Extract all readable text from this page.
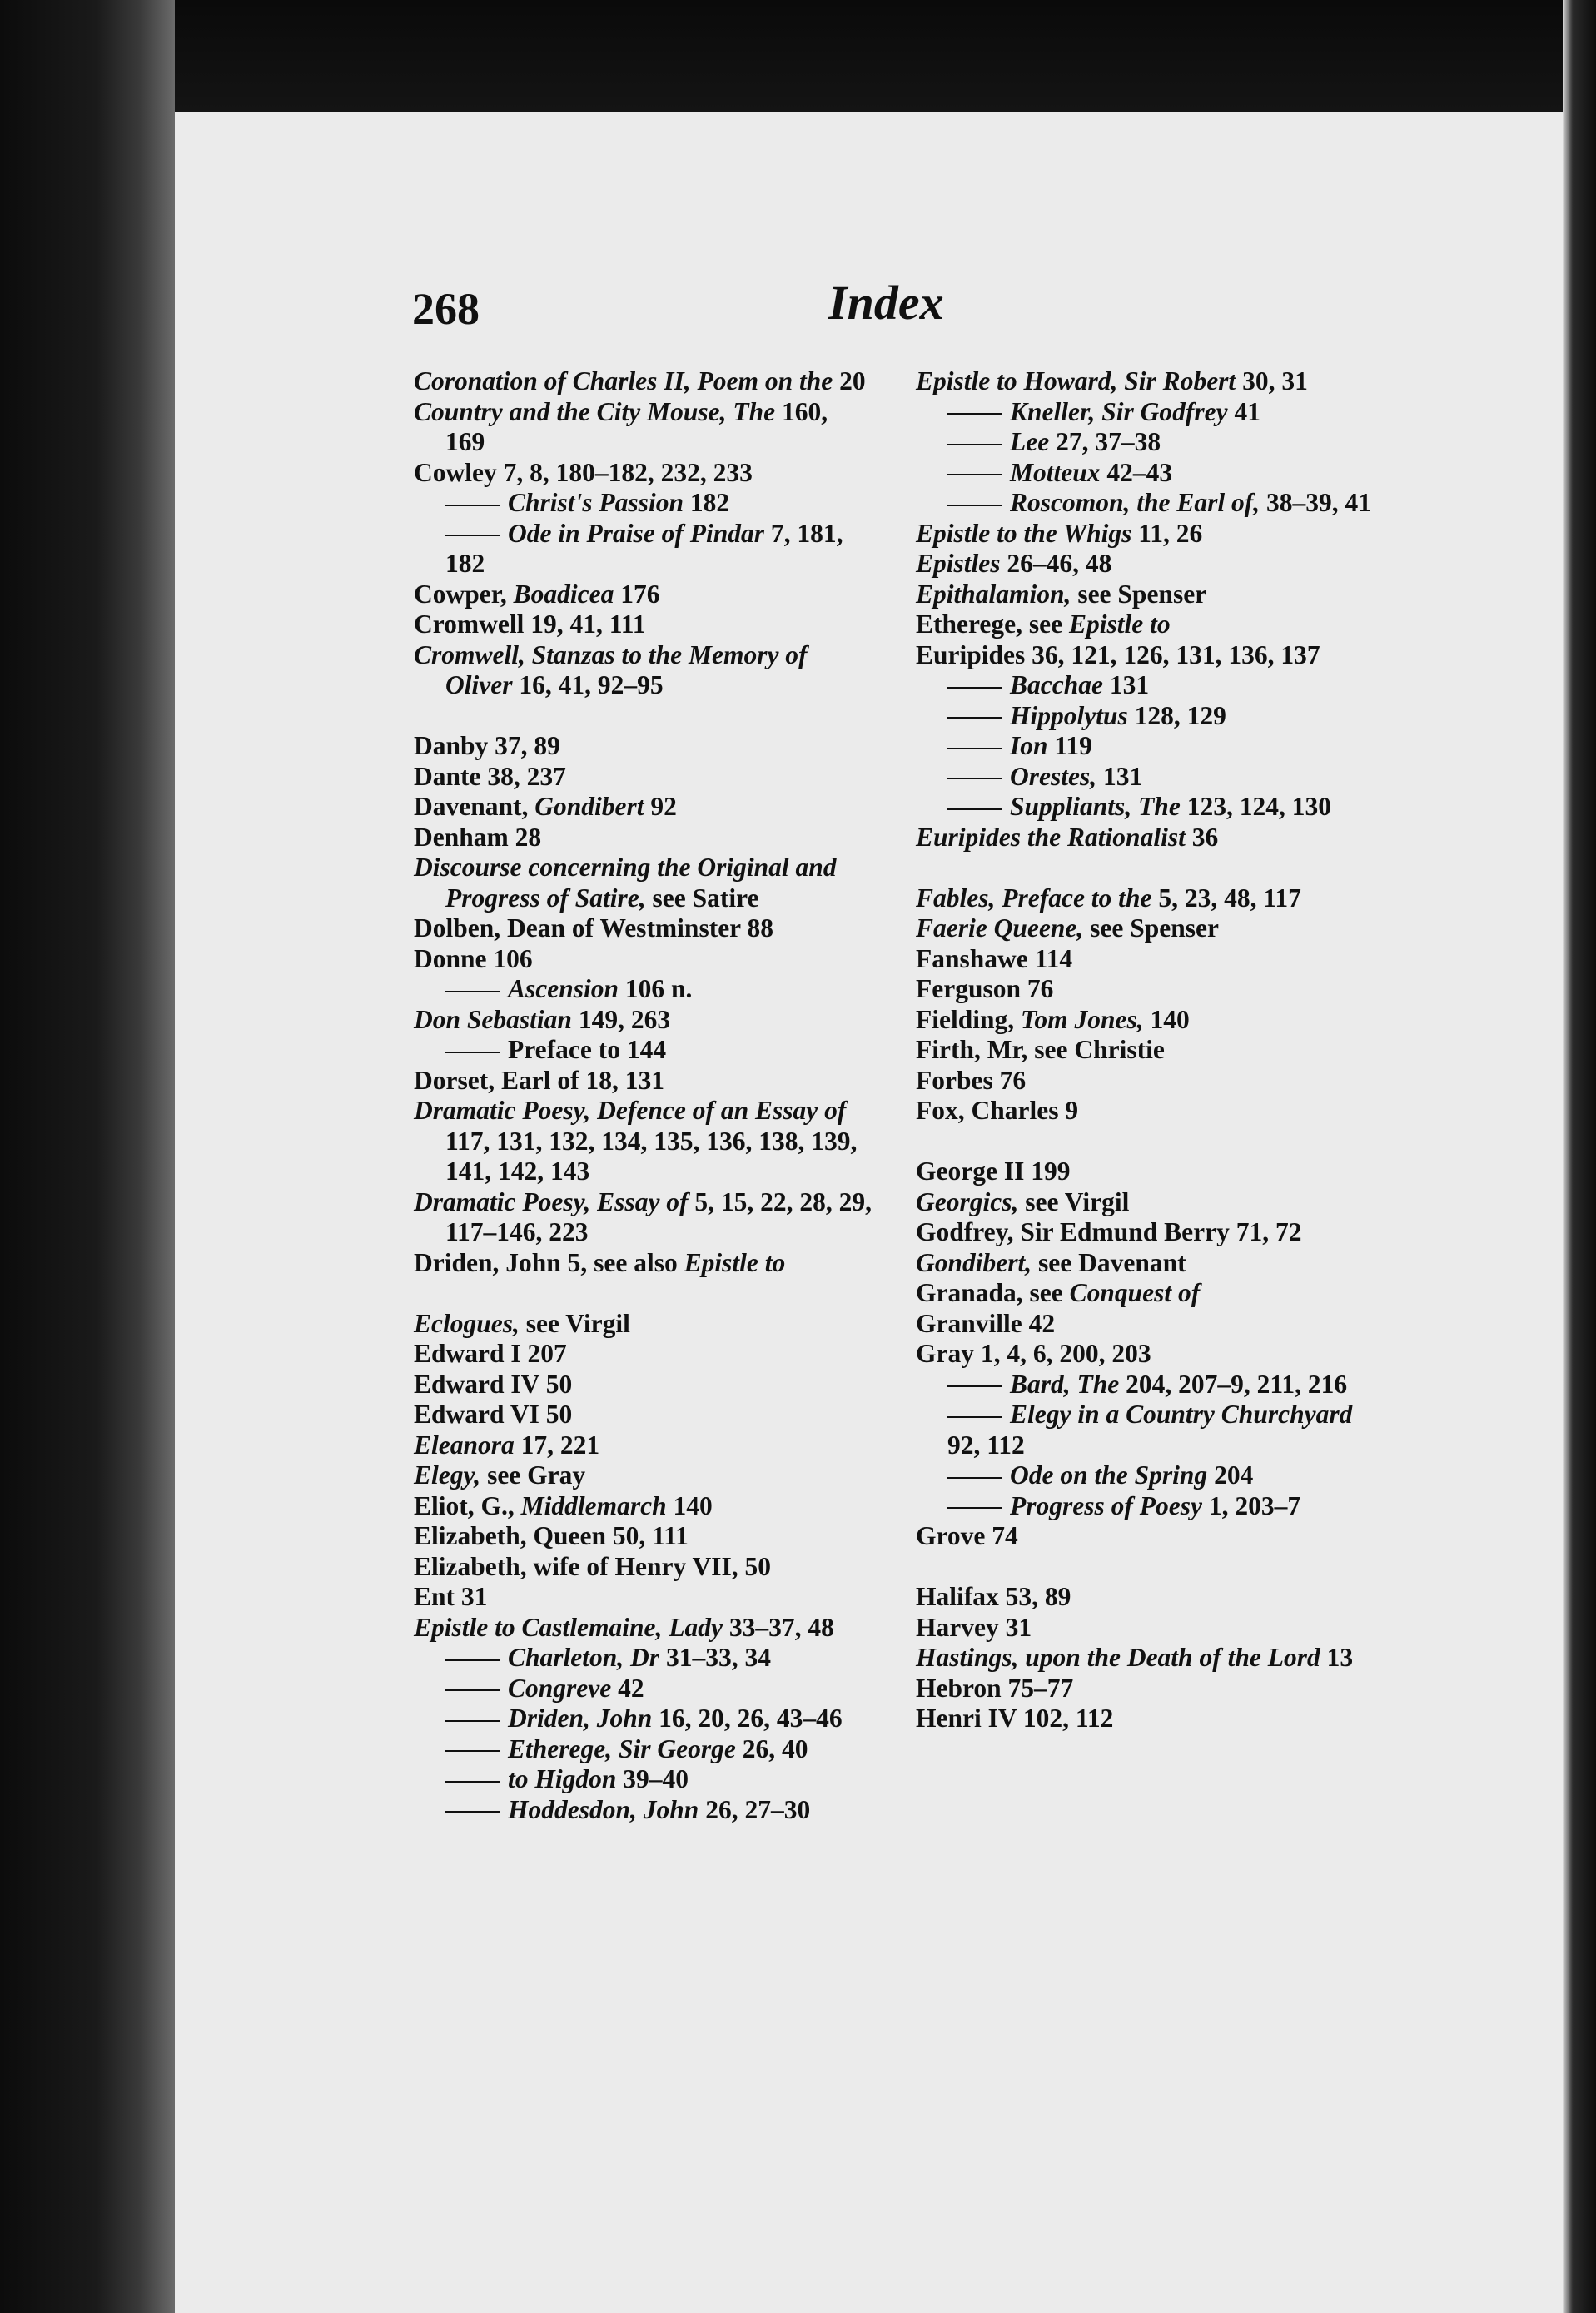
268	Index

Coronation of Charles II, Poem on the 20
Country and the City Mouse, The 160, 169
Cowley 7, 8, 180–182, 232, 233
Christ's Passion 182
Ode in Praise of Pindar 7, 181, 182
Cowper, Boadicea 176
Cromwell 19, 41, 111
Cromwell, Stanzas to the Memory of Oliver 16, 41, 92–95
Danby 37, 89
Dante 38, 237
Davenant, Gondibert 92
Denham 28
Discourse concerning the Original and Progress of Satire, see Satire
Dolben, Dean of Westminster 88
Donne 106
Ascension 106 n.
Don Sebastian 149, 263
Preface to 144
Dorset, Earl of 18, 131
Dramatic Poesy, Defence of an Essay of 117, 131, 132, 134, 135, 136, 138, 139, 141, 142, 143
Dramatic Poesy, Essay of 5, 15, 22, 28, 29, 117–146, 223
Driden, John 5, see also Epistle to
Eclogues, see Virgil
Edward I 207
Edward IV 50
Edward VI 50
Eleanora 17, 221
Elegy, see Gray
Eliot, G., Middlemarch 140
Elizabeth, Queen 50, 111
Elizabeth, wife of Henry VII, 50
Ent 31
Epistle to Castlemaine, Lady 33–37, 48
Charleton, Dr 31–33, 34
Congreve 42
Driden, John 16, 20, 26, 43–46
Etherege, Sir George 26, 40
to Higdon 39–40
Hoddesdon, John 26, 27–30
Epistle to Howard, Sir Robert 30, 31
Kneller, Sir Godfrey 41
Lee 27, 37–38
Motteux 42–43
Roscomon, the Earl of, 38–39, 41
Epistle to the Whigs 11, 26
Epistles 26–46, 48
Epithalamion, see Spenser
Etherege, see Epistle to
Euripides 36, 121, 126, 131, 136, 137
Bacchae 131
Hippolytus 128, 129
Ion 119
Orestes, 131
Suppliants, The 123, 124, 130
Euripides the Rationalist 36
Fables, Preface to the 5, 23, 48, 117
Faerie Queene, see Spenser
Fanshawe 114
Ferguson 76
Fielding, Tom Jones, 140
Firth, Mr, see Christie
Forbes 76
Fox, Charles 9
George II 199
Georgics, see Virgil
Godfrey, Sir Edmund Berry 71, 72
Gondibert, see Davenant
Granada, see Conquest of
Granville 42
Gray 1, 4, 6, 200, 203
Bard, The 204, 207–9, 211, 216
Elegy in a Country Churchyard 92, 112
Ode on the Spring 204
Progress of Poesy 1, 203–7
Grove 74
Halifax 53, 89
Harvey 31
Hastings, upon the Death of the Lord 13
Hebron 75–77
Henri IV 102, 112
